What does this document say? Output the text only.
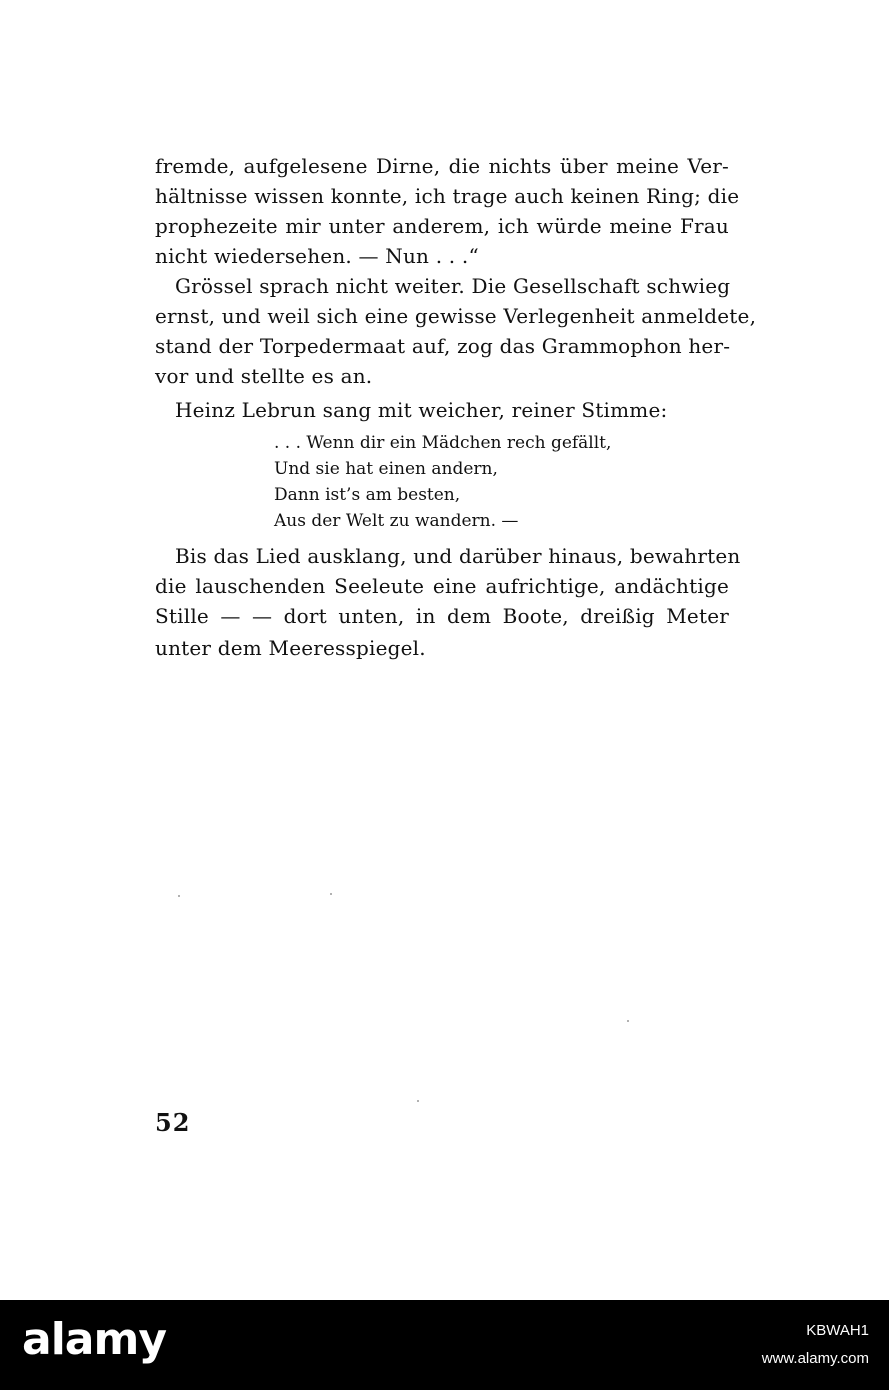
fremde, aufgelesene Dirne, die nichts über meine Ver-
hältnisse wissen konnte, ich trage auch keinen Ring; die
prophezeite mir unter anderem, ich würde meine Frau
nicht wiedersehen. — Nun . . .“
Grössel sprach nicht weiter. Die Gesellschaft schwieg
ernst, und weil sich eine gewisse Verlegenheit anmeldete,
stand der Torpedermaat auf, zog das Grammophon her-
vor und stellte es an.
Heinz Lebrun sang mit weicher, reiner Stimme:
. . . Wenn dir ein Mädchen rech gefällt,
Und sie hat einen andern,
Dann ist’s am besten,
Aus der Welt zu wandern. —
Bis das Lied ausklang, und darüber hinaus, bewahrten
die lauschenden Seeleute eine aufrichtige, andächtige
Stille — — dort unten, in dem Boote, dreißig Meter
unter dem Meeresspiegel.
52
alamy	KBWAH1
www.alamy.com
